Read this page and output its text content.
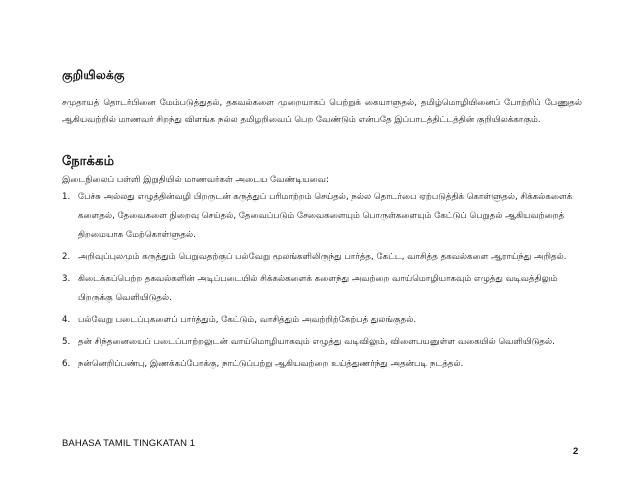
குறியிலக்கு
சமுதாயத் தொடர்பினை மேம்படுத்துதல், தகவல்களை முறையாகப் பெற்றுக் கையாளுதல், தமிழ்மொழியினைப் போற்றிப் பேணுதல் ஆகியவற்றில் மாணவர் சிறந்து விளங்க நல்ல தமிழறிவைப் பெற வேண்டும் என்பதே இப்பாடத்திட்டத்தின் குறியிலக்காகும்.
நோக்கம்
இடைநிலைப் பள்ளி இறுதியில் மாணவர்கள் அடைய வேண்டியவை:
1. பேச்சு அல்லது எழுத்தின்வழி பிறருடன் கருத்துப் பரிமாற்றம் செய்தல், நல்ல தொடர்பை ஏற்படுத்திக் கொள்ளுதல், சிக்கல்களைக் களைதல், தேவைகளை நிறைவு செய்தல், தேவைப்படும் சேவைகளையும் பொருள்களையும் கேட்டுப் பெறுதல் ஆகியவற்றைத் திறமையாக மேற்கொள்ளுதல்.
2. அறிவுப்புலமும் கருத்தும் பெறுவதற்குப் பல்வேறு மூலங்களிலிருந்து பார்த்த, கேட்ட, வாசித்த தகவல்களை ஆராய்ந்து அறிதல்.
3. கிடைக்கப்பெற்ற தகவல்களின் அடிப்படையில் சிக்கல்களைக் களைந்து அவற்றை வாய்மொழியாகவும் எழுத்து வடிவத்திலும் பிறருக்கு வெளியிடுதல்.
4. பல்வேறு படைப்புகளைப் பார்த்தும், கேட்டும், வாசித்தும் அவற்றிற்கேற்பத் துலங்குதல்.
5. தன் சிந்தனையைப் படைப்பாற்றலுடன் வாய்மொழியாகவும் எழுத்து வடிவிலும், விளைபயனுள்ள வகையில் வெளியிடுதல்.
6. நன்னெறிப்பண்பு, இணக்கப்போக்கு, நாட்டுப்பற்று ஆகியவற்றை உய்த்துணர்ந்து அதன்படி நடத்தல்.
BAHASA TAMIL TINGKATAN 1
2
